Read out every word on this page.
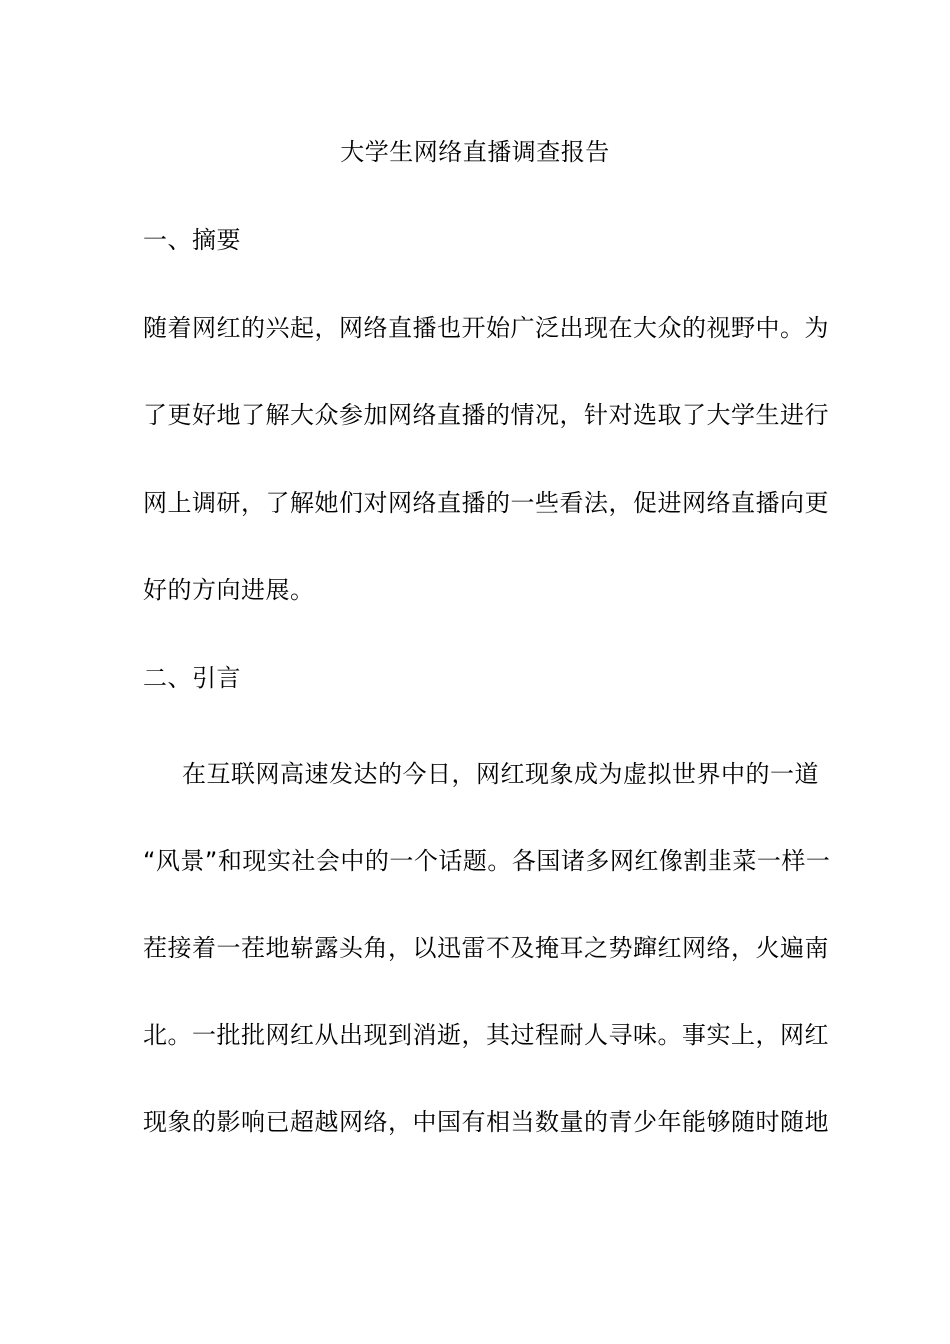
大学生网络直播调查报告

一、摘要

随着网红的兴起，网络直播也开始广泛出现在大众的视野中。为

了更好地了解大众参加网络直播的情况，针对选取了大学生进行

网上调研，了解她们对网络直播的一些看法，促进网络直播向更

好的方向进展。

二、引言

在互联网高速发达的今日，网红现象成为虚拟世界中的一道

“风景”和现实社会中的一个话题。各国诸多网红像割韭菜一样一

茬接着一茬地崭露头角，以迅雷不及掩耳之势蹿红网络，火遍南

北。一批批网红从出现到消逝，其过程耐人寻味。事实上，网红

现象的影响已超越网络，中国有相当数量的青少年能够随时随地
